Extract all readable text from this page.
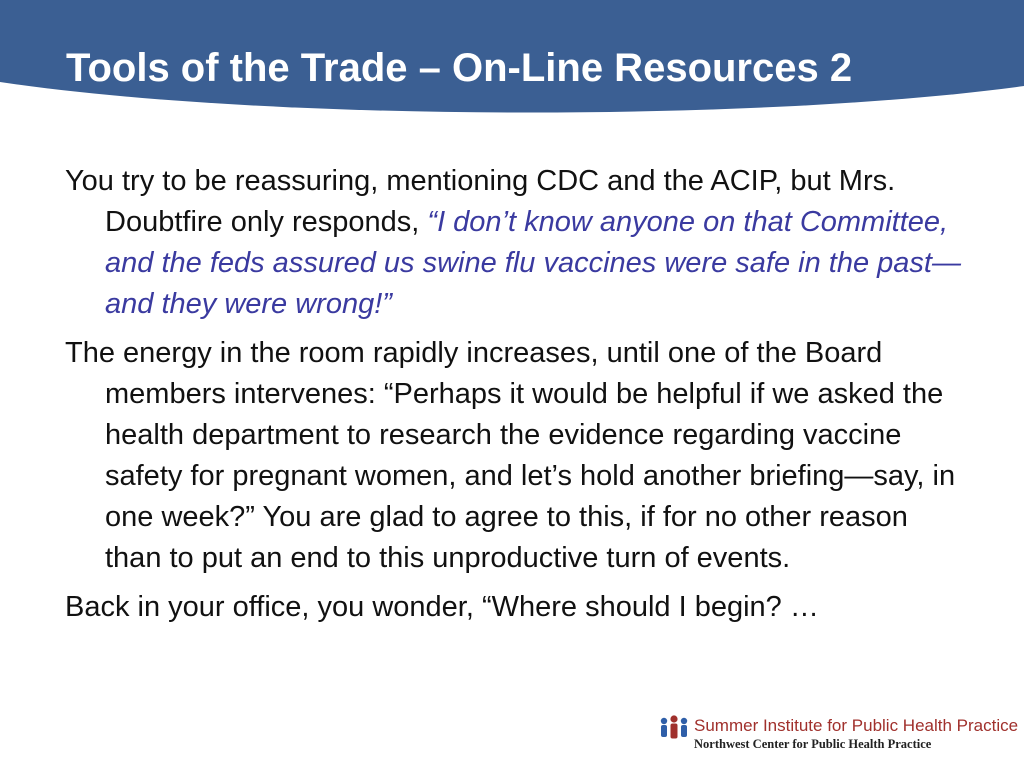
Tools of the Trade – On-Line Resources 2

You try to be reassuring, mentioning CDC and the ACIP, but Mrs. Doubtfire only responds, “I don’t know anyone on that Committee, and the feds assured us swine flu vaccines were safe in the past—and they were wrong!”

The energy in the room rapidly increases, until one of the Board members intervenes: “Perhaps it would be helpful if we asked the health department to research the evidence regarding vaccine safety for pregnant women, and let’s hold another briefing—say, in one week?” You are glad to agree to this, if for no other reason than to put an end to this unproductive turn of events.

Back in your office, you wonder, “Where should I begin? …

Summer Institute for Public Health Practice
Northwest Center for Public Health Practice
